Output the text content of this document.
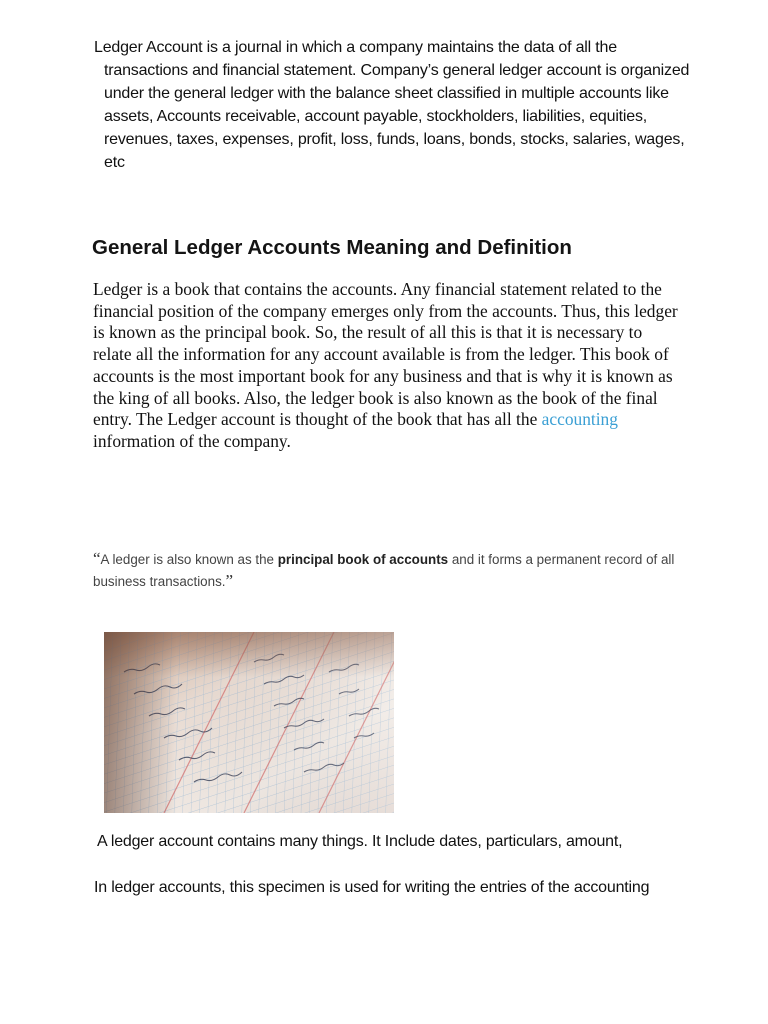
Ledger Account is a journal in which a company maintains the data of all the transactions and financial statement. Company’s general ledger account is organized under the general ledger with the balance sheet classified in multiple accounts like assets, Accounts receivable, account payable, stockholders, liabilities, equities, revenues, taxes, expenses, profit, loss, funds, loans, bonds, stocks, salaries, wages, etc

General Ledger Accounts Meaning and Definition

Ledger is a book that contains the accounts. Any financial statement related to the financial position of the company emerges only from the accounts. Thus, this ledger is known as the principal book. So, the result of all this is that it is necessary to relate all the information for any account available is from the ledger. This book of accounts is the most important book for any business and that is why it is known as the king of all books. Also, the ledger book is also known as the book of the final entry. The Ledger account is thought of the book that has all the accounting information of the company.

“A ledger is also known as the principal book of accounts and it forms a permanent record of all business transactions.”

A ledger account contains many things. It Include dates, particulars, amount,

In ledger accounts, this specimen is used for writing the entries of the accounting
